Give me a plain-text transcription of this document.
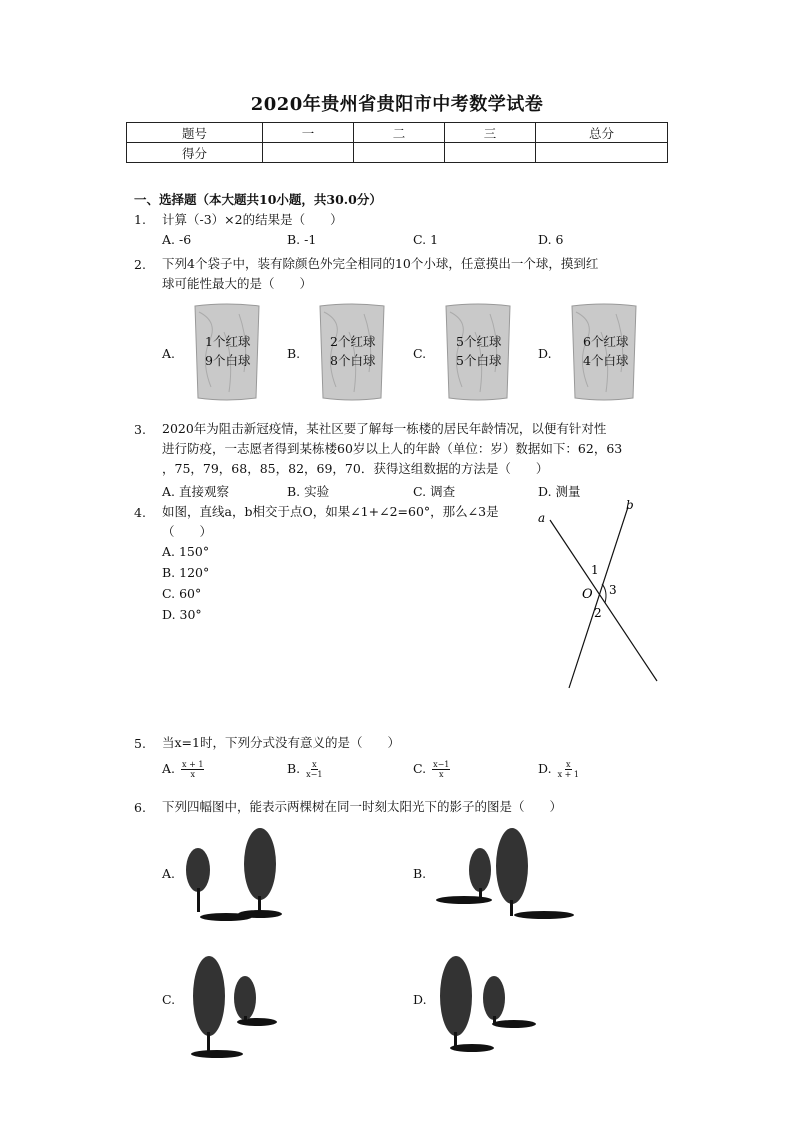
2020年贵州省贵阳市中考数学试卷
题号	一	二	三	总分
得分				
一、选择题（本大题共10小题，共30.0分）
1. 计算（-3）×2的结果是（　　）
A. -6	B. -1	C. 1	D. 6
2. 下列4个袋子中，装有除颜色外完全相同的10个小球，任意摸出一个球，摸到红
球可能性最大的是（　　）
A.	B.	C.	D.
1个红球
9个白球
2个红球
8个白球
5个红球
5个白球
6个红球
4个白球
3. 2020年为阻击新冠疫情，某社区要了解每一栋楼的居民年龄情况，以便有针对性
进行防疫，一志愿者得到某栋楼60岁以上人的年龄（单位：岁）数据如下：62，63
，75，79，68，85，82，69，70．获得这组数据的方法是（　　）
A. 直接观察	B. 实验	C. 调查	D. 测量
4. 如图，直线a，b相交于点O，如果∠1+∠2=60°，那么∠3是
（　　）
A. 150°
B. 120°
C. 60°
D. 30°
a
b
O
1
3
2
5. 当x=1时，下列分式没有意义的是（　　）
A. $\frac{x + 1}{x}$	B. $\frac{x}{x-1}$	C. $\frac{x-1}{x}$	D. $\frac{x}{x + 1}$
6. 下列四幅图中，能表示两棵树在同一时刻太阳光下的影子的图是（　　）
A.	B.
C.	D.
